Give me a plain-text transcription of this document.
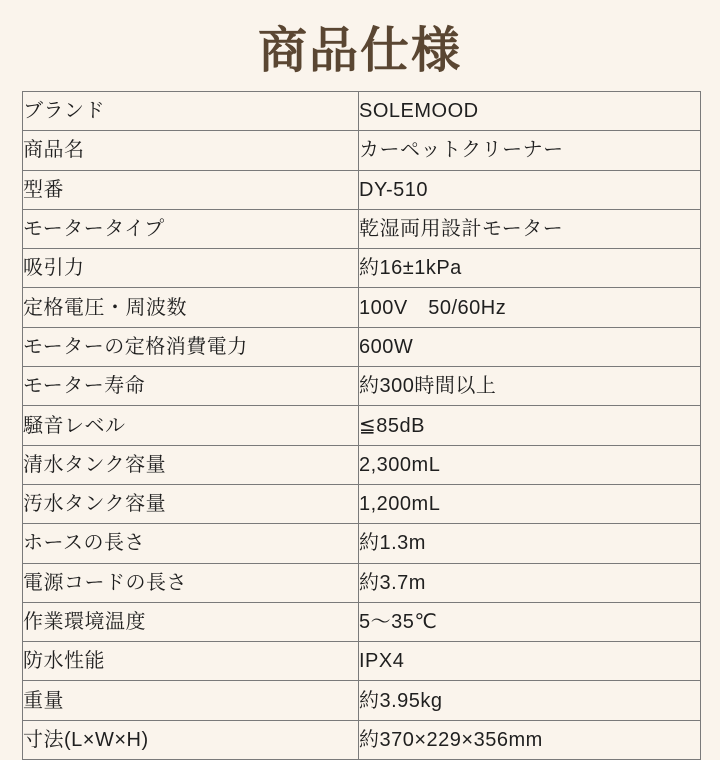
商品仕様
ブランド	SOLEMOOD
商品名	カーペットクリーナー
型番	DY-510
モータータイプ	乾湿両用設計モーター
吸引力	約16±1kPa
定格電圧・周波数	100V　50/60Hz
モーターの定格消費電力	600W
モーター寿命	約300時間以上
騒音レベル	≦85dB
清水タンク容量	2,300mL
汚水タンク容量	1,200mL
ホースの長さ	約1.3m
電源コードの長さ	約3.7m
作業環境温度	5〜35℃
防水性能	IPX4
重量	約3.95kg
寸法(L×W×H)	約370×229×356mm
